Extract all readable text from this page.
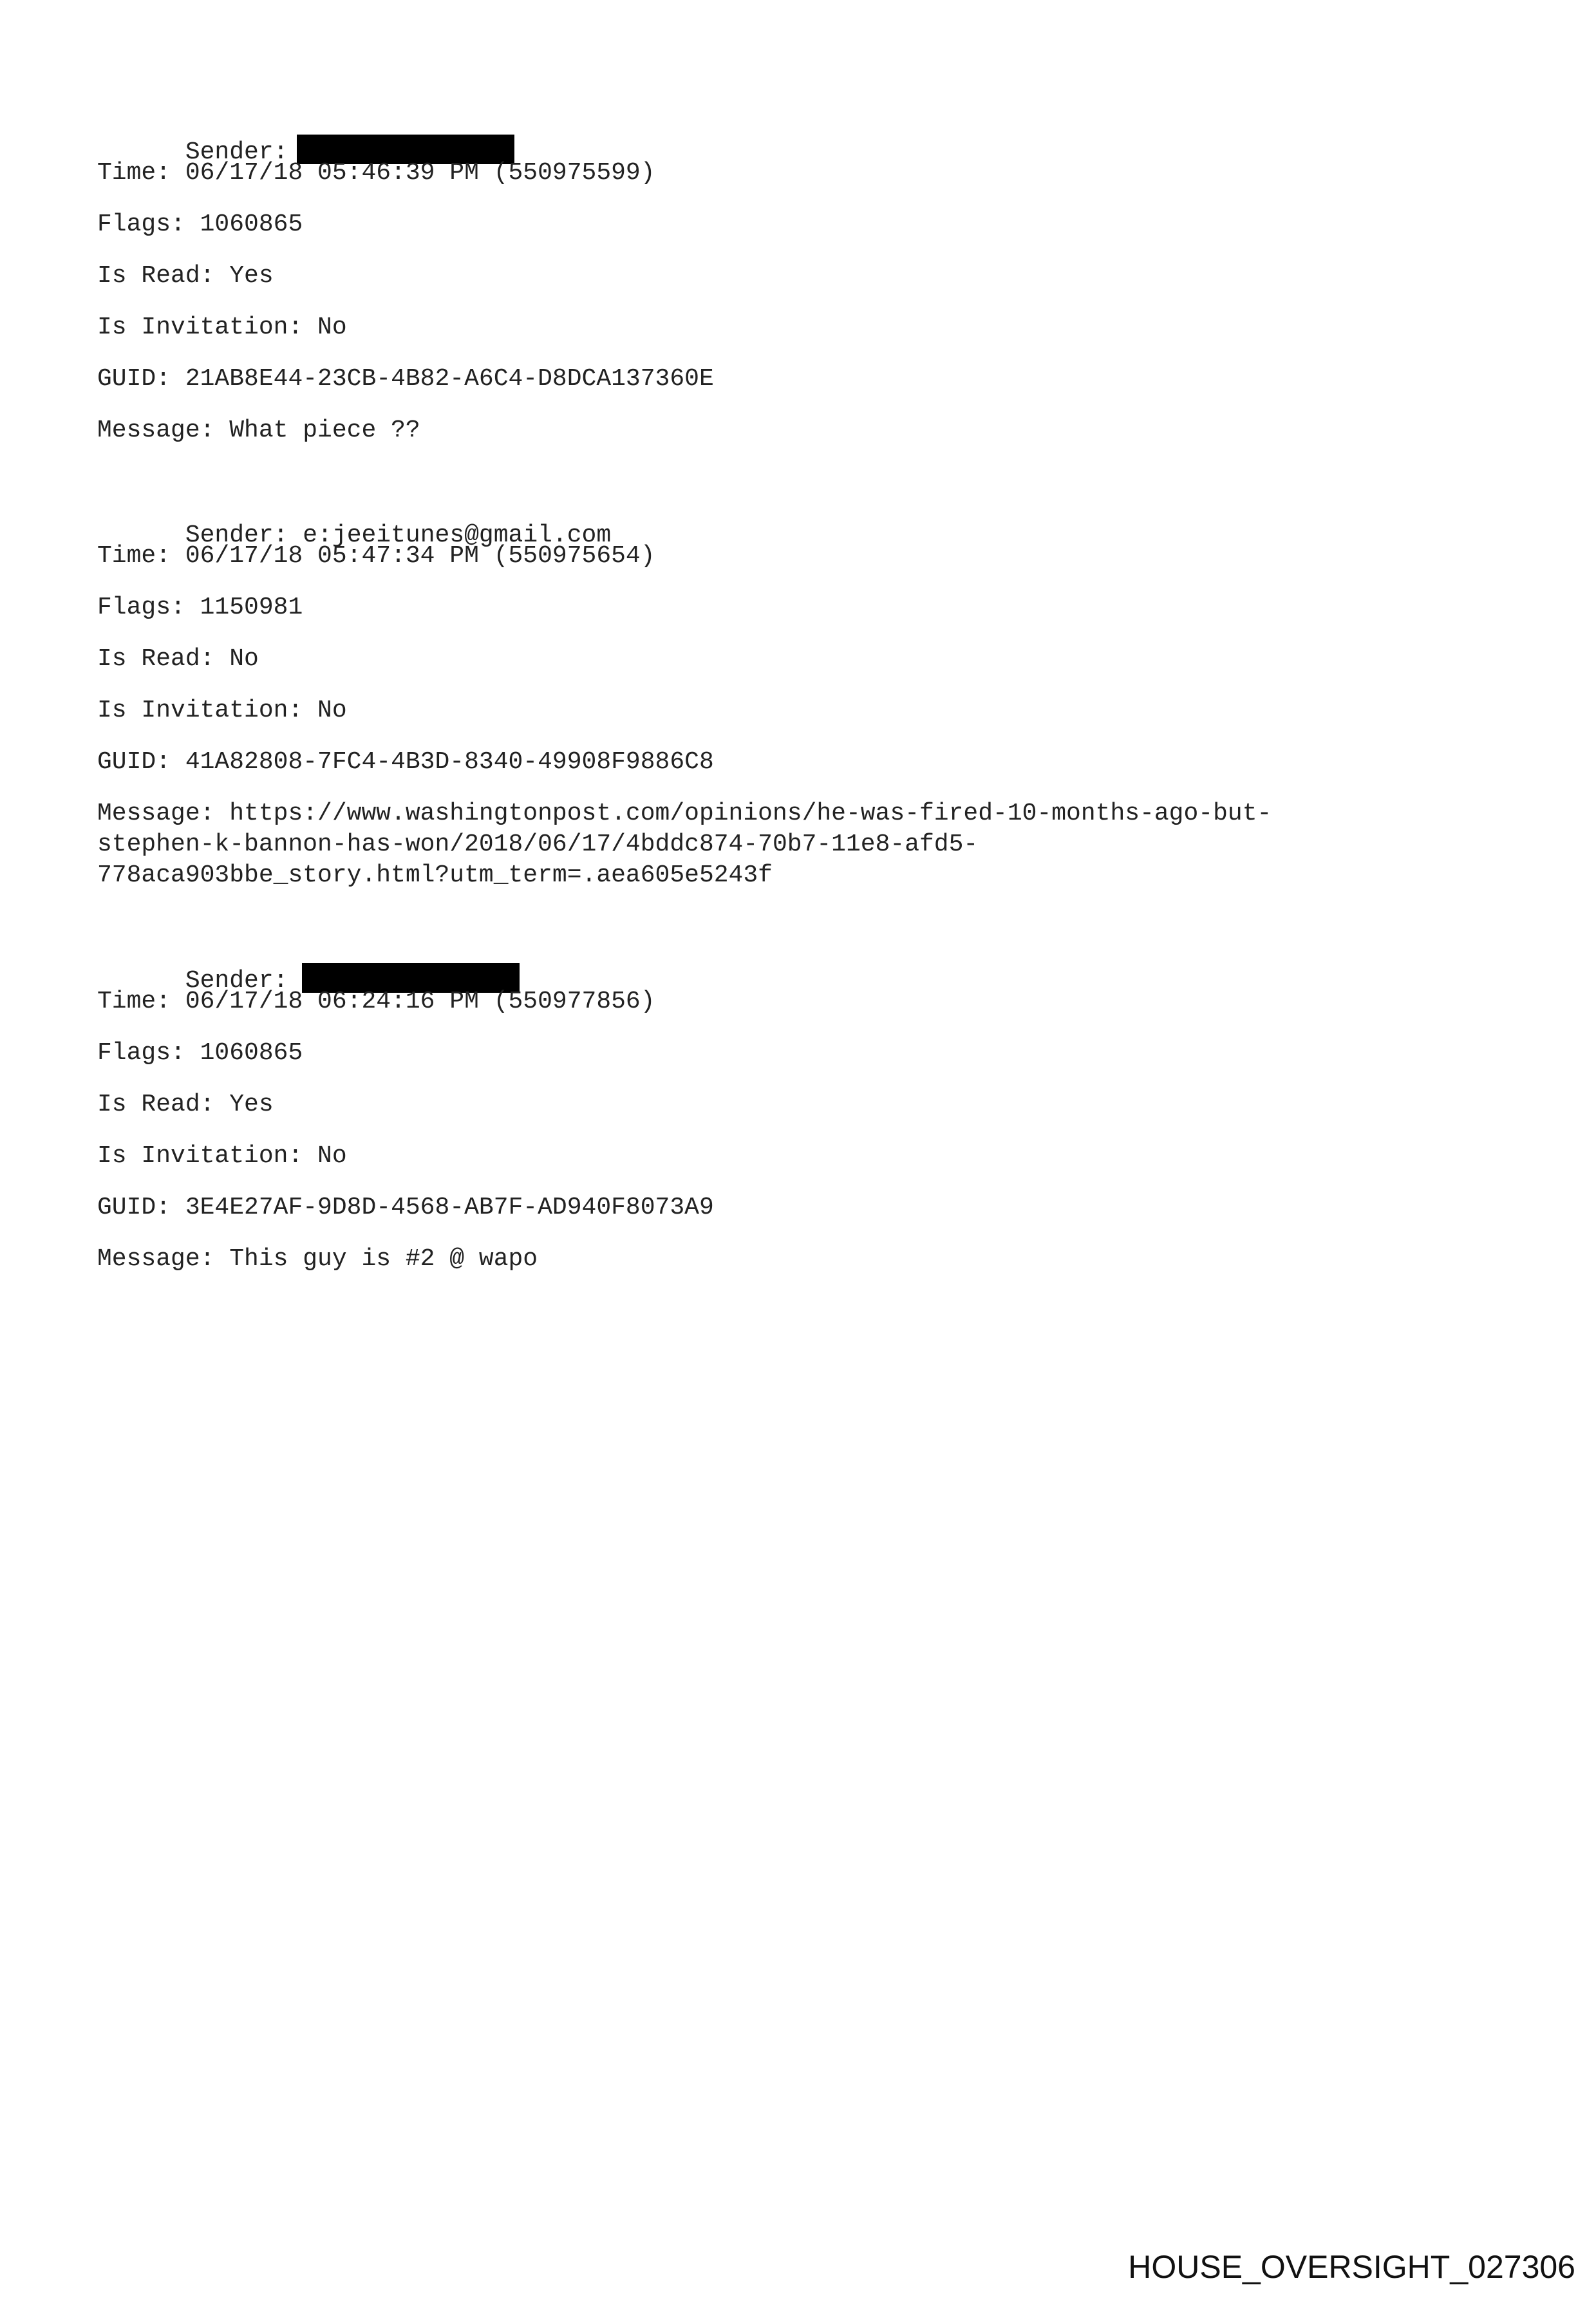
Sender:

Time: 06/17/18 05:46:39 PM (550975599)
Flags: 1060865
Is Read: Yes
Is Invitation: No
GUID: 21AB8E44-23CB-4B82-A6C4-D8DCA137360E
Message: What piece ??

Sender: e:jeeitunes@gmail.com

Time: 06/17/18 05:47:34 PM (550975654)
Flags: 1150981
Is Read: No
Is Invitation: No
GUID: 41A82808-7FC4-4B3D-8340-49908F9886C8
Message: https://www.washingtonpost.com/opinions/he-was-fired-10-months-ago-but-
stephen-k-bannon-has-won/2018/06/17/4bddc874-70b7-11e8-afd5-
778aca903bbe_story.html?utm_term=.aea605e5243f

Sender:

Time: 06/17/18 06:24:16 PM (550977856)
Flags: 1060865
Is Read: Yes
Is Invitation: No
GUID: 3E4E27AF-9D8D-4568-AB7F-AD940F8073A9
Message: This guy is #2 @ wapo
HOUSE_OVERSIGHT_027306
